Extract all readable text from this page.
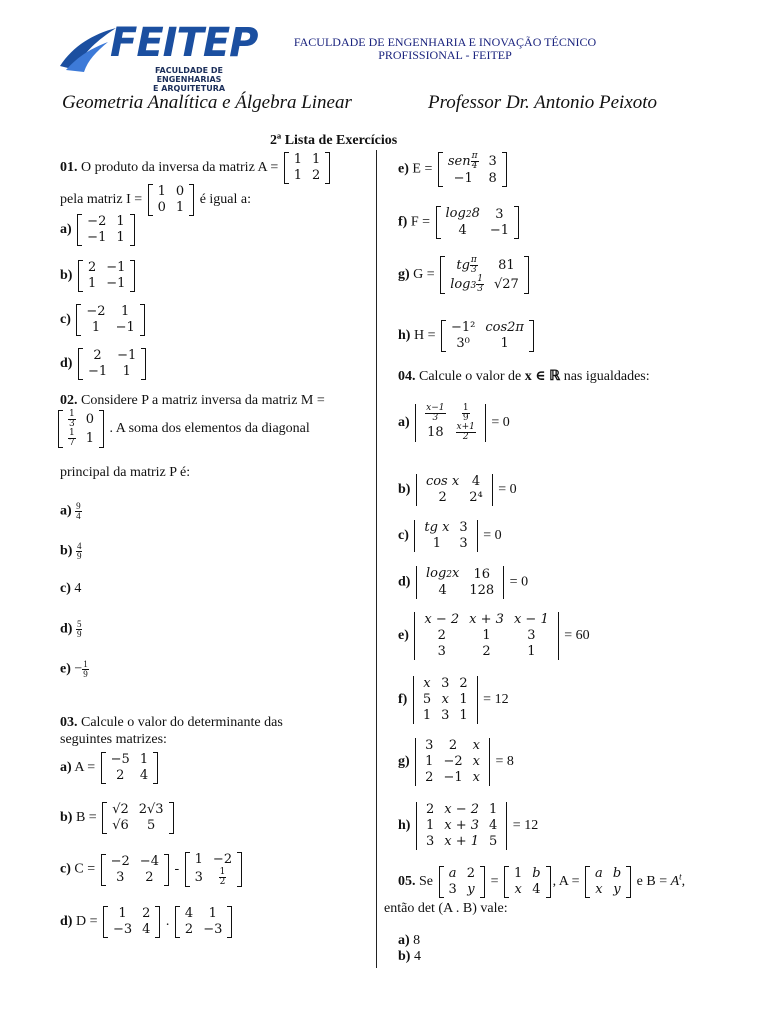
FEITEP
FACULDADE DE ENGENHARIAS
E ARQUITETURA
FACULDADE DE ENGENHARIA E INOVAÇÃO TÉCNICO
PROFISSIONAL - FEITEP
Geometria Analítica e Álgebra Linear	Professor Dr. Antonio Peixoto
2ª Lista de Exercícios
01. O produto da inversa da matriz A =
1	1
1	2
pela matriz I =
1	0
0	1
é igual a:
a)
−2	1
−1	1
b)
2	−1
1	−1
c)
−2	1
1	−1
d)
2	−1
−1	1
02. Considere P a matriz inversa da matriz M =
$\frac{1}{3}$	0

$\frac{1}{7}$	1
. A soma dos elementos da diagonal
principal da matriz P é:
$a) \frac{9}{4}$
$b) \frac{4}{9}$
c) 4
$d) \frac{5}{9}$
$e) - \frac{1}{9}$
03. Calcule o valor do determinante das
seguintes matrizes:
a) A =
−5	1
2	4
b) B =
√2	2√3
√6	5
c) C =
−2	−4
3	2
-
1	−2
3	$\frac{1}{2}$
d) D =
1	2
−3	4
.
4	1
2	−3
e) E =
sen $\frac{\pi}{4}$	3
−1	8
f) F =
log28	3
4	−1
g) G =
tg $\frac{\pi}{3}$	81
$\log 3 \frac{1}{3}$	√27
h) H =
−1²	cos2π
3⁰	1
04. Calcule o valor de x ∈ ℝ nas igualdades:
$a) \frac{x-1}{3}$	$\frac{1}{9}$

18	$\frac{x+1}{2}$
= 0
b)
cos x	4
2	2⁴
= 0
c)
tg x	3
1	3
= 0
d)
log2x	16
4	128
= 0
e)
x − 2	x + 3	x − 1
2	1	3
3	2	1
= 60
f)
x	3	2
5	x	1
1	3	1
= 12
g)
3	2	x
1	−2	x
2	−1	x
= 8
h)
2	x − 2	1
1	x + 3	4
3	x + 1	5
= 12
05. Se
a	2
3	y
=
1	b
x	4
, A =
a	b
x	y
e $B = A^t$,
então det (A . B) vale:
a) 8
b) 4
